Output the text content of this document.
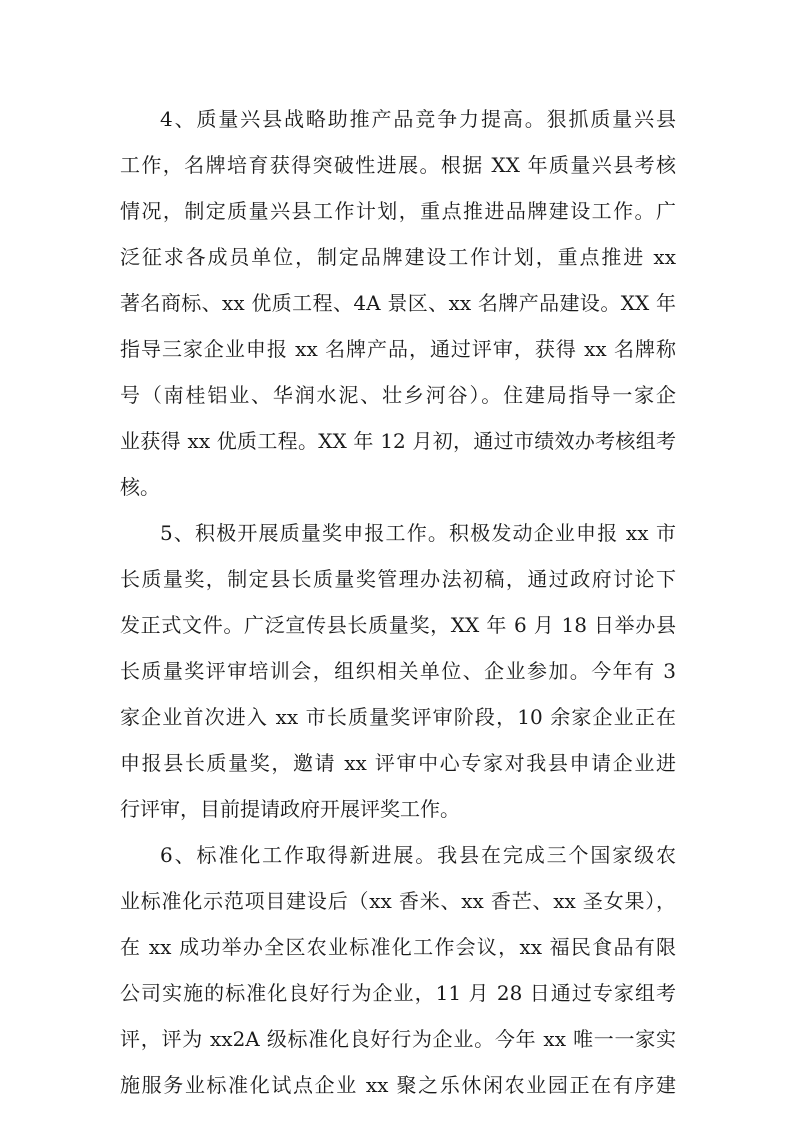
4、质量兴县战略助推产品竞争力提高。狠抓质量兴县
工作，名牌培育获得突破性进展。根据 XX 年质量兴县考核
情况，制定质量兴县工作计划，重点推进品牌建设工作。广
泛征求各成员单位，制定品牌建设工作计划，重点推进 xx
著名商标、xx 优质工程、4A 景区、xx 名牌产品建设。XX 年
指导三家企业申报 xx 名牌产品，通过评审，获得 xx 名牌称
号（南桂铝业、华润水泥、壮乡河谷）。住建局指导一家企
业获得 xx 优质工程。XX 年 12 月初，通过市绩效办考核组考
核。
5、积极开展质量奖申报工作。积极发动企业申报 xx 市
长质量奖，制定县长质量奖管理办法初稿，通过政府讨论下
发正式文件。广泛宣传县长质量奖，XX 年 6 月 18 日举办县
长质量奖评审培训会，组织相关单位、企业参加。今年有 3
家企业首次进入 xx 市长质量奖评审阶段，10 余家企业正在
申报县长质量奖，邀请 xx 评审中心专家对我县申请企业进
行评审，目前提请政府开展评奖工作。
6、标准化工作取得新进展。我县在完成三个国家级农
业标准化示范项目建设后（xx 香米、xx 香芒、xx 圣女果），
在 xx 成功举办全区农业标准化工作会议，xx 福民食品有限
公司实施的标准化良好行为企业，11 月 28 日通过专家组考
评，评为 xx2A 级标准化良好行为企业。今年 xx 唯一一家实
施服务业标准化试点企业 xx 聚之乐休闲农业园正在有序建
